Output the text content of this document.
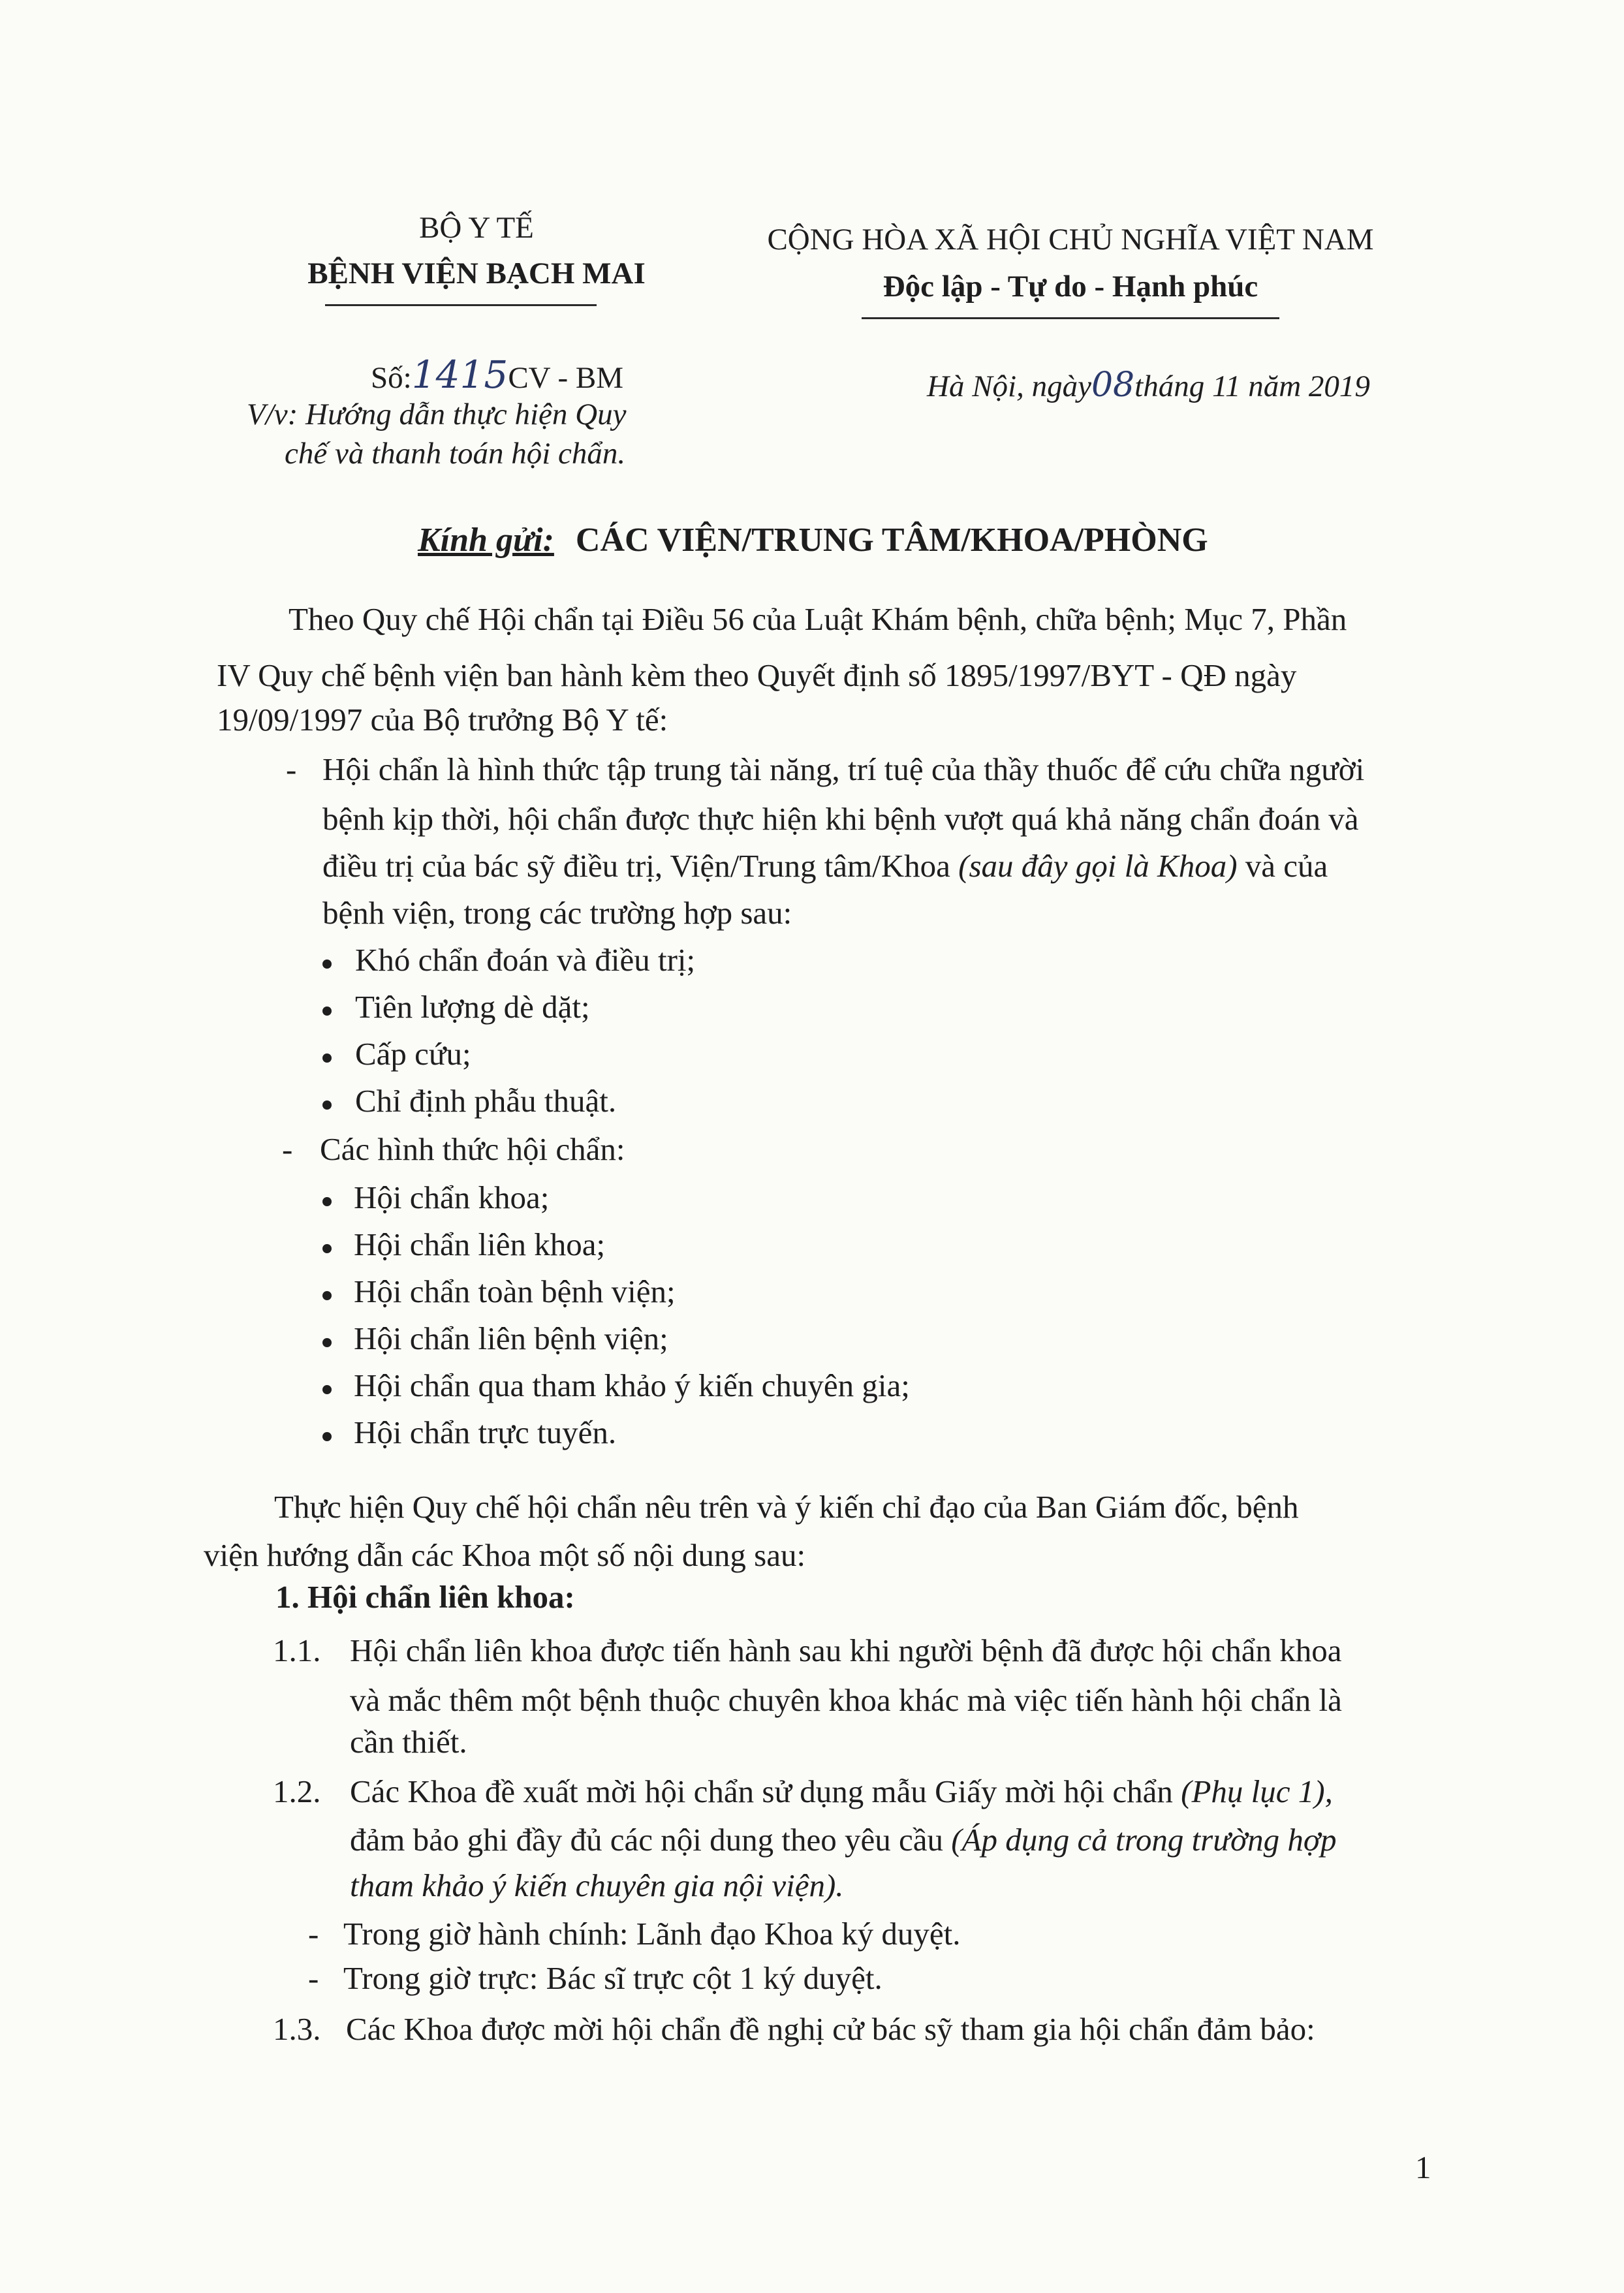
BỘ Y TẾ
BỆNH VIỆN BẠCH MAI
CỘNG HÒA XÃ HỘI CHỦ NGHĨA VIỆT NAM
Độc lập - Tự do - Hạnh phúc
Số:1415CV - BM
V/v: Hướng dẫn thực hiện Quy
chế và thanh toán hội chẩn.
Hà Nội, ngày08tháng 11 năm 2019
Kính gửi: CÁC VIỆN/TRUNG TÂM/KHOA/PHÒNG
Theo Quy chế Hội chẩn tại Điều 56 của Luật Khám bệnh, chữa bệnh; Mục 7, Phần
IV Quy chế bệnh viện ban hành kèm theo Quyết định số 1895/1997/BYT - QĐ ngày
19/09/1997 của Bộ trưởng Bộ Y tế:
- Hội chẩn là hình thức tập trung tài năng, trí tuệ của thầy thuốc để cứu chữa người
bệnh kịp thời, hội chẩn được thực hiện khi bệnh vượt quá khả năng chẩn đoán và
điều trị của bác sỹ điều trị, Viện/Trung tâm/Khoa (sau đây gọi là Khoa) và của
bệnh viện, trong các trường hợp sau:
Khó chẩn đoán và điều trị;
Tiên lượng dè dặt;
Cấp cứu;
Chỉ định phẫu thuật.
- Các hình thức hội chẩn:
Hội chẩn khoa;
Hội chẩn liên khoa;
Hội chẩn toàn bệnh viện;
Hội chẩn liên bệnh viện;
Hội chẩn qua tham khảo ý kiến chuyên gia;
Hội chẩn trực tuyến.
Thực hiện Quy chế hội chẩn nêu trên và ý kiến chỉ đạo của Ban Giám đốc, bệnh
viện hướng dẫn các Khoa một số nội dung sau:
1. Hội chẩn liên khoa:
1.1. Hội chẩn liên khoa được tiến hành sau khi người bệnh đã được hội chẩn khoa
và mắc thêm một bệnh thuộc chuyên khoa khác mà việc tiến hành hội chẩn là
cần thiết.
1.2. Các Khoa đề xuất mời hội chẩn sử dụng mẫu Giấy mời hội chẩn (Phụ lục 1),
đảm bảo ghi đầy đủ các nội dung theo yêu cầu (Áp dụng cả trong trường hợp
tham khảo ý kiến chuyên gia nội viện).
- Trong giờ hành chính: Lãnh đạo Khoa ký duyệt.
- Trong giờ trực: Bác sĩ trực cột 1 ký duyệt.
1.3. Các Khoa được mời hội chẩn đề nghị cử bác sỹ tham gia hội chẩn đảm bảo:
1
